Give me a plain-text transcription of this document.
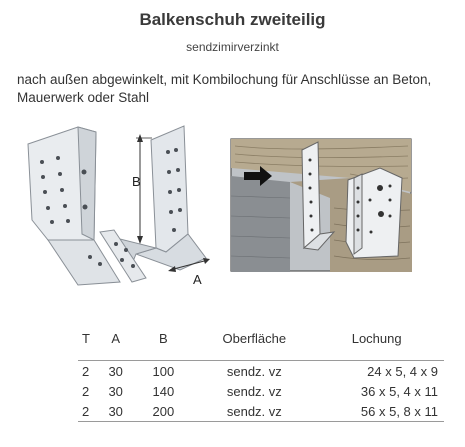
Balkenschuh zweiteilig
sendzimirverzinkt
nach außen abgewinkelt, mit Kombilochung für Anschlüsse an Beton, Mauerwerk oder Stahl
B
A
T	A	B	Oberfläche	Lochung

2	30	100	sendz. vz	24 x 5, 4 x 9
2	30	140	sendz. vz	36 x 5, 4 x 11
2	30	200	sendz. vz	56 x 5, 8 x 11
